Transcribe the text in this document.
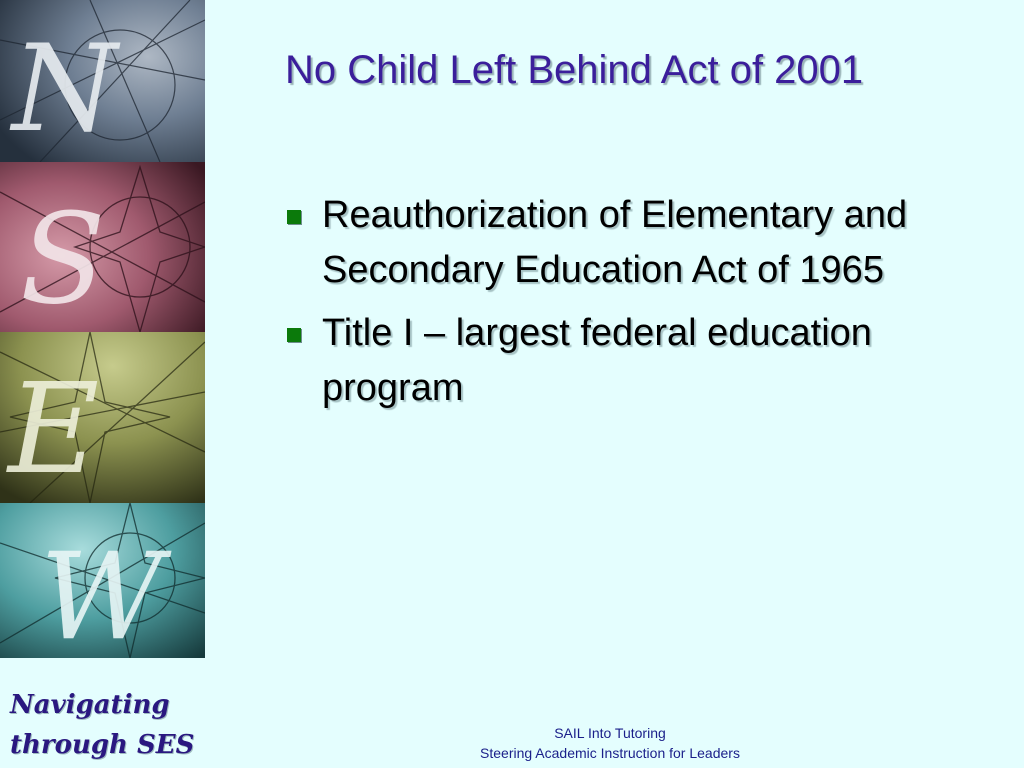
N
S
E
W
No Child Left Behind Act of 2001
Reauthorization of Elementary and Secondary Education Act of 1965
Title I – largest federal education program
Navigating
through SES	SAIL Into Tutoring
Steering Academic Instruction for Leaders
